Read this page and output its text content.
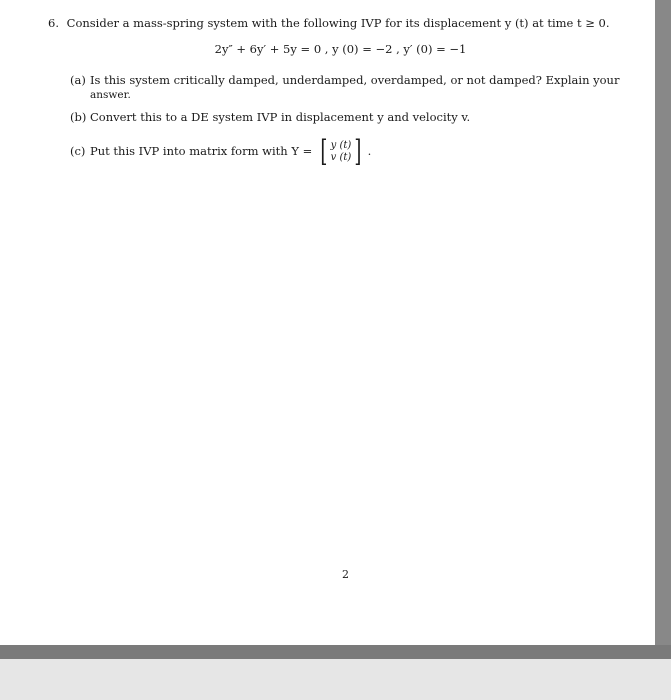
6. Consider a mass-spring system with the following IVP for its displacement y (t) at time t ≥ 0.
2y″ + 6y′ + 5y = 0 , y (0) = −2 , y′ (0) = −1
(a) Is this system critically damped, underdamped, overdamped, or not damped? Explain your
answer.
(b) Convert this to a DE system IVP in displacement y and velocity v.
(c) Put this IVP into matrix form with Y = [ y (t)
v (t) ] .
2
